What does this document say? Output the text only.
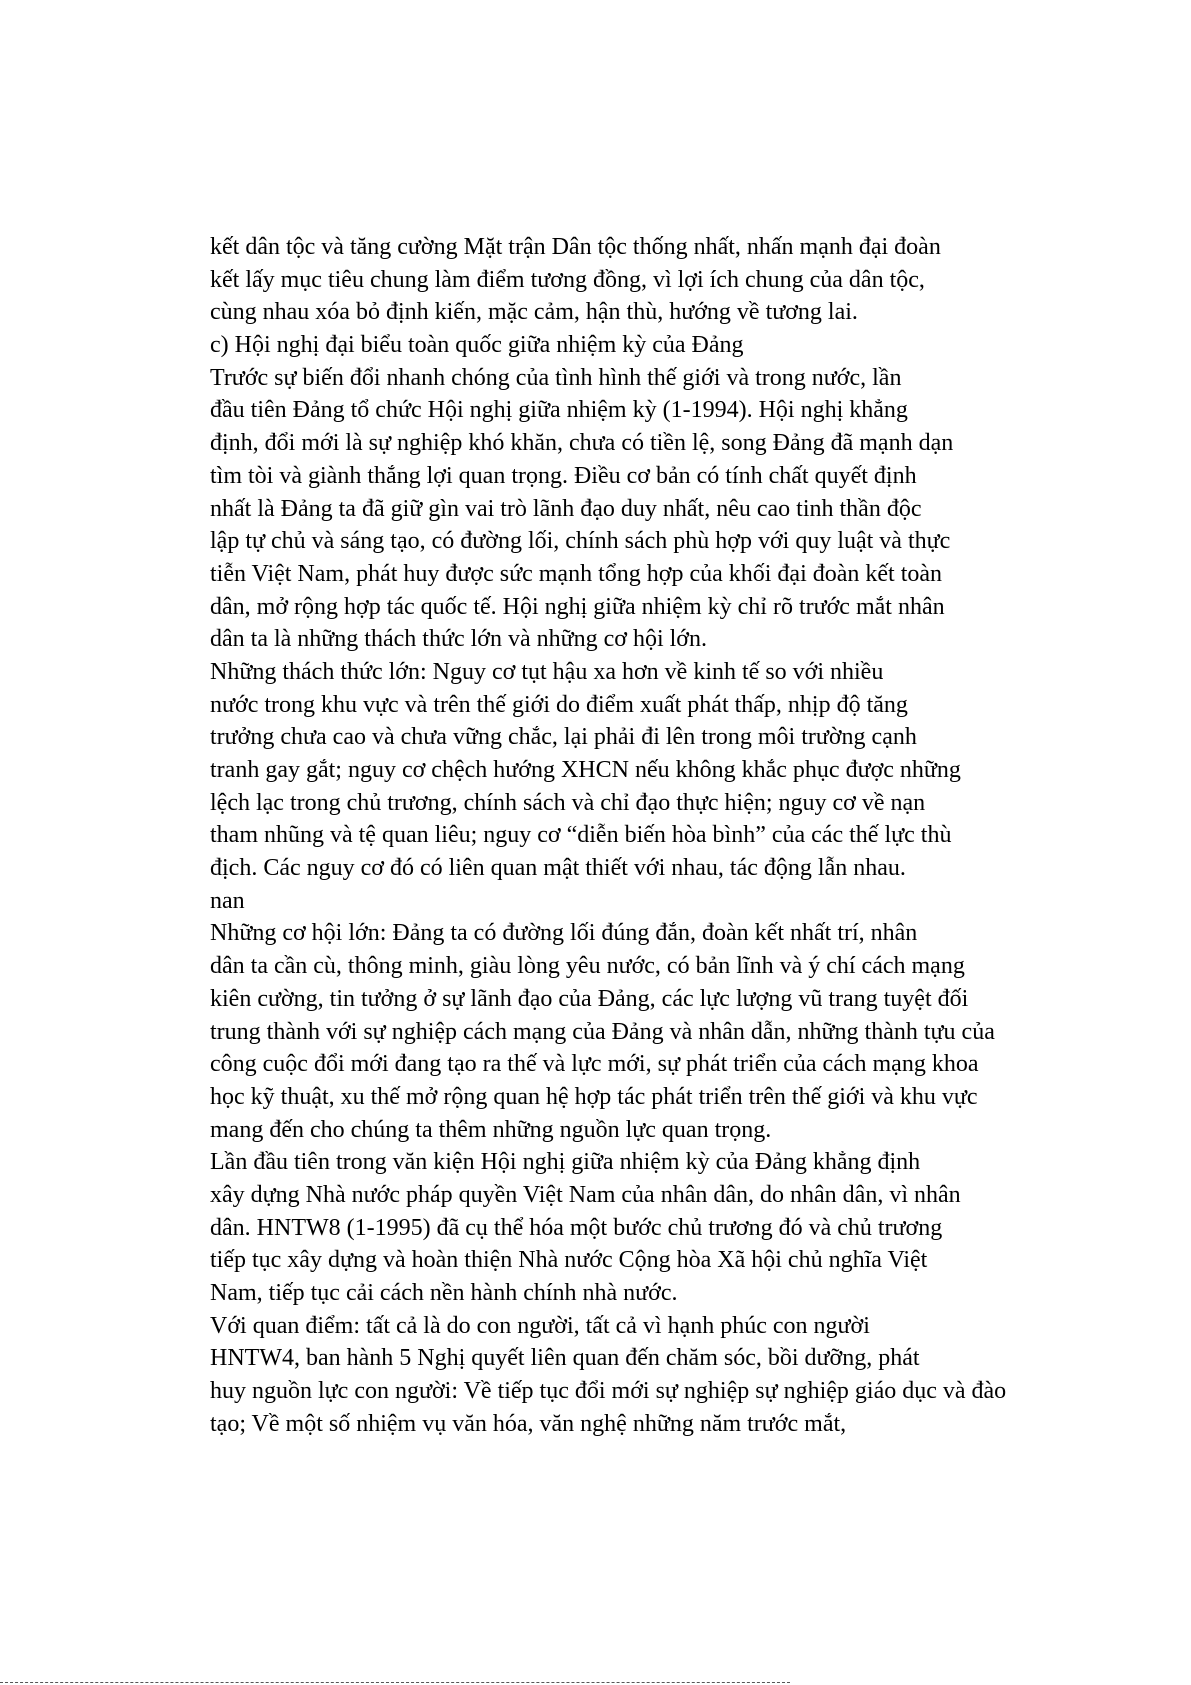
kết dân tộc và tăng cường Mặt trận Dân tộc thống nhất, nhấn mạnh đại đoàn
kết lấy mục tiêu chung làm điểm tương đồng, vì lợi ích chung của dân tộc,
cùng nhau xóa bỏ định kiến, mặc cảm, hận thù, hướng về tương lai.
c) Hội nghị đại biểu toàn quốc giữa nhiệm kỳ của Đảng
Trước sự biến đổi nhanh chóng của tình hình thế giới và trong nước, lần
đầu tiên Đảng tổ chức Hội nghị giữa nhiệm kỳ (1-1994). Hội nghị khẳng
định, đổi mới là sự nghiệp khó khăn, chưa có tiền lệ, song Đảng đã mạnh dạn
tìm tòi và giành thắng lợi quan trọng. Điều cơ bản có tính chất quyết định
nhất là Đảng ta đã giữ gìn vai trò lãnh đạo duy nhất, nêu cao tinh thần độc
lập tự chủ và sáng tạo, có đường lối, chính sách phù hợp với quy luật và thực
tiễn Việt Nam, phát huy được sức mạnh tổng hợp của khối đại đoàn kết toàn
dân, mở rộng hợp tác quốc tế. Hội nghị giữa nhiệm kỳ chỉ rõ trước mắt nhân
dân ta là những thách thức lớn và những cơ hội lớn.
Những thách thức lớn: Nguy cơ tụt hậu xa hơn về kinh tế so với nhiều
nước trong khu vực và trên thế giới do điểm xuất phát thấp, nhịp độ tăng
trưởng chưa cao và chưa vững chắc, lại phải đi lên trong môi trường cạnh
tranh gay gắt; nguy cơ chệch hướng XHCN nếu không khắc phục được những
lệch lạc trong chủ trương, chính sách và chỉ đạo thực hiện; nguy cơ về nạn
tham nhũng và tệ quan liêu; nguy cơ “diễn biến hòa bình” của các thế lực thù
địch. Các nguy cơ đó có liên quan mật thiết với nhau, tác động lẫn nhau.
nan
Những cơ hội lớn: Đảng ta có đường lối đúng đắn, đoàn kết nhất trí, nhân
dân ta cần cù, thông minh, giàu lòng yêu nước, có bản lĩnh và ý chí cách mạng
kiên cường, tin tưởng ở sự lãnh đạo của Đảng, các lực lượng vũ trang tuyệt đối
trung thành với sự nghiệp cách mạng của Đảng và nhân dẫn, những thành tựu của
công cuộc đổi mới đang tạo ra thế và lực mới, sự phát triển của cách mạng khoa
học kỹ thuật, xu thế mở rộng quan hệ hợp tác phát triển trên thế giới và khu vực
mang đến cho chúng ta thêm những nguồn lực quan trọng.
Lần đầu tiên trong văn kiện Hội nghị giữa nhiệm kỳ của Đảng khẳng định
xây dựng Nhà nước pháp quyền Việt Nam của nhân dân, do nhân dân, vì nhân
dân. HNTW8 (1-1995) đã cụ thể hóa một bước chủ trương đó và chủ trương
tiếp tục xây dựng và hoàn thiện Nhà nước Cộng hòa Xã hội chủ nghĩa Việt
Nam, tiếp tục cải cách nền hành chính nhà nước.
Với quan điểm: tất cả là do con người, tất cả vì hạnh phúc con người
HNTW4, ban hành 5 Nghị quyết liên quan đến chăm sóc, bồi dưỡng, phát
huy nguồn lực con người: Về tiếp tục đổi mới sự nghiệp sự nghiệp giáo dục và đào
tạo; Về một số nhiệm vụ văn hóa, văn nghệ những năm trước mắt,
